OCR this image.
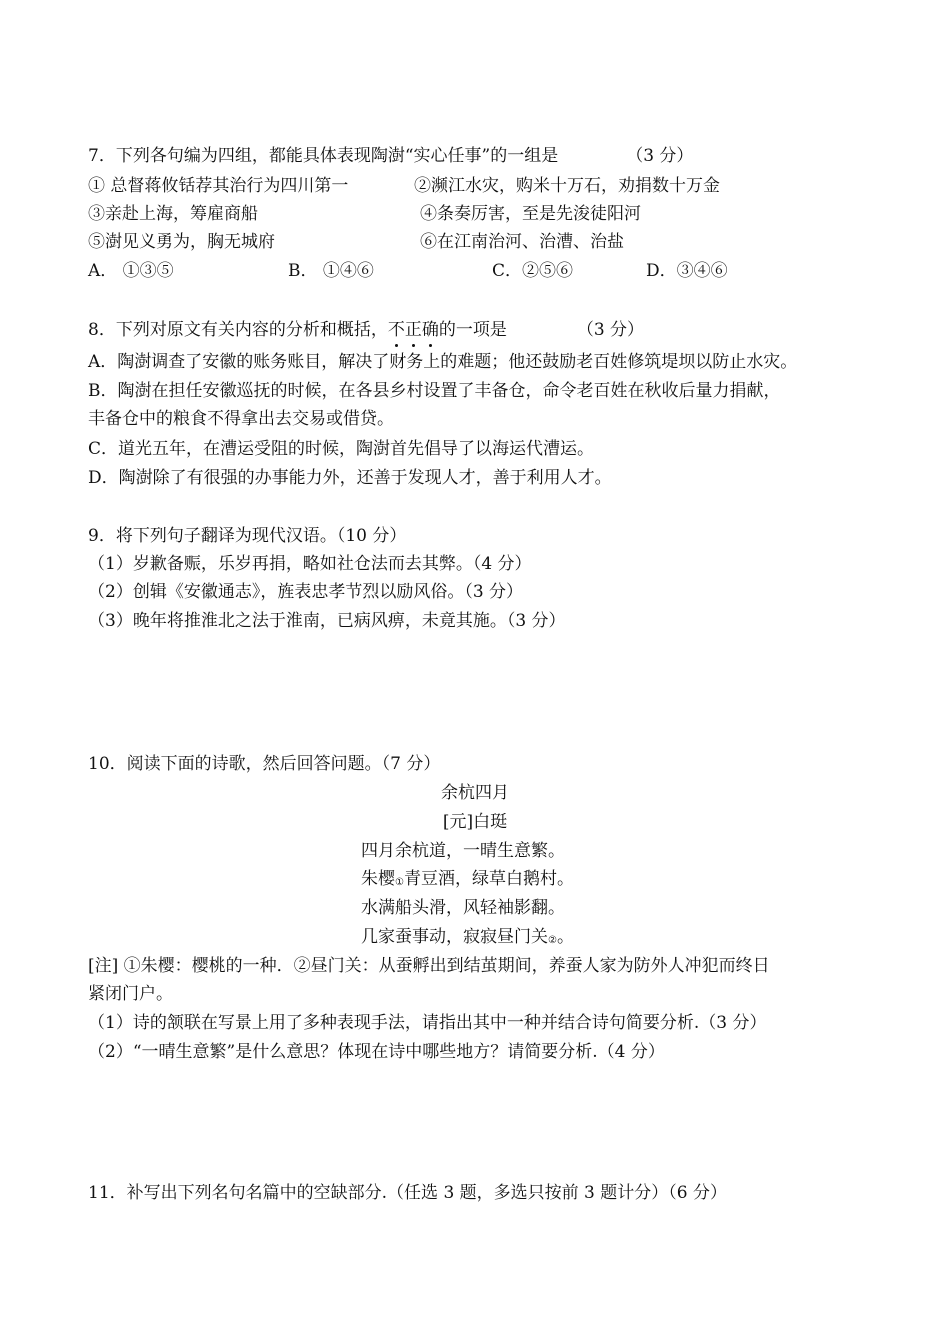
7．下列各句编为四组，都能具体表现陶澍“实心任事”的一组是	（3 分）
① 总督蒋攸铦荐其治行为四川第一	②濒江水灾，购米十万石，劝捐数十万金
③亲赴上海，筹雇商船	④条奏厉害，至是先浚徒阳河
⑤澍见义勇为，胸无城府	⑥在江南治河、治漕、治盐
A． ①③⑤	B． ①④⑥	C．②⑤⑥	D．③④⑥
8．下列对原文有关内容的分析和概括，不正确的一项是	（3 分）
A．陶澍调查了安徽的账务账目，解决了财务上的难题；他还鼓励老百姓修筑堤坝以防止水灾。
B．陶澍在担任安徽巡抚的时候，在各县乡村设置了丰备仓，命令老百姓在秋收后量力捐献，
丰备仓中的粮食不得拿出去交易或借贷。
C．道光五年，在漕运受阻的时候，陶澍首先倡导了以海运代漕运。
D．陶澍除了有很强的办事能力外，还善于发现人才，善于利用人才。
9．将下列句子翻译为现代汉语。（10 分）
（1）岁歉备赈，乐岁再捐，略如社仓法而去其弊。（4 分）
（2）创辑《安徽通志》，旌表忠孝节烈以励风俗。（3 分）
（3）晚年将推淮北之法于淮南，已病风痹，未竟其施。（3 分）
10．阅读下面的诗歌，然后回答问题。（7 分）
余杭四月
[元]白珽
四月余杭道，一晴生意繁。
朱樱①青豆酒，绿草白鹅村。
水满船头滑，风轻袖影翻。
几家蚕事动，寂寂昼门关②。
[注] ①朱樱：樱桃的一种．②昼门关：从蚕孵出到结茧期间，养蚕人家为防外人冲犯而终日
紧闭门户。
（1）诗的颔联在写景上用了多种表现手法，请指出其中一种并结合诗句简要分析.（3 分）
（2）“一晴生意繁”是什么意思？体现在诗中哪些地方？请简要分析.（4 分）
11．补写出下列名句名篇中的空缺部分.（任选 3 题，多选只按前 3 题计分）（6 分）
